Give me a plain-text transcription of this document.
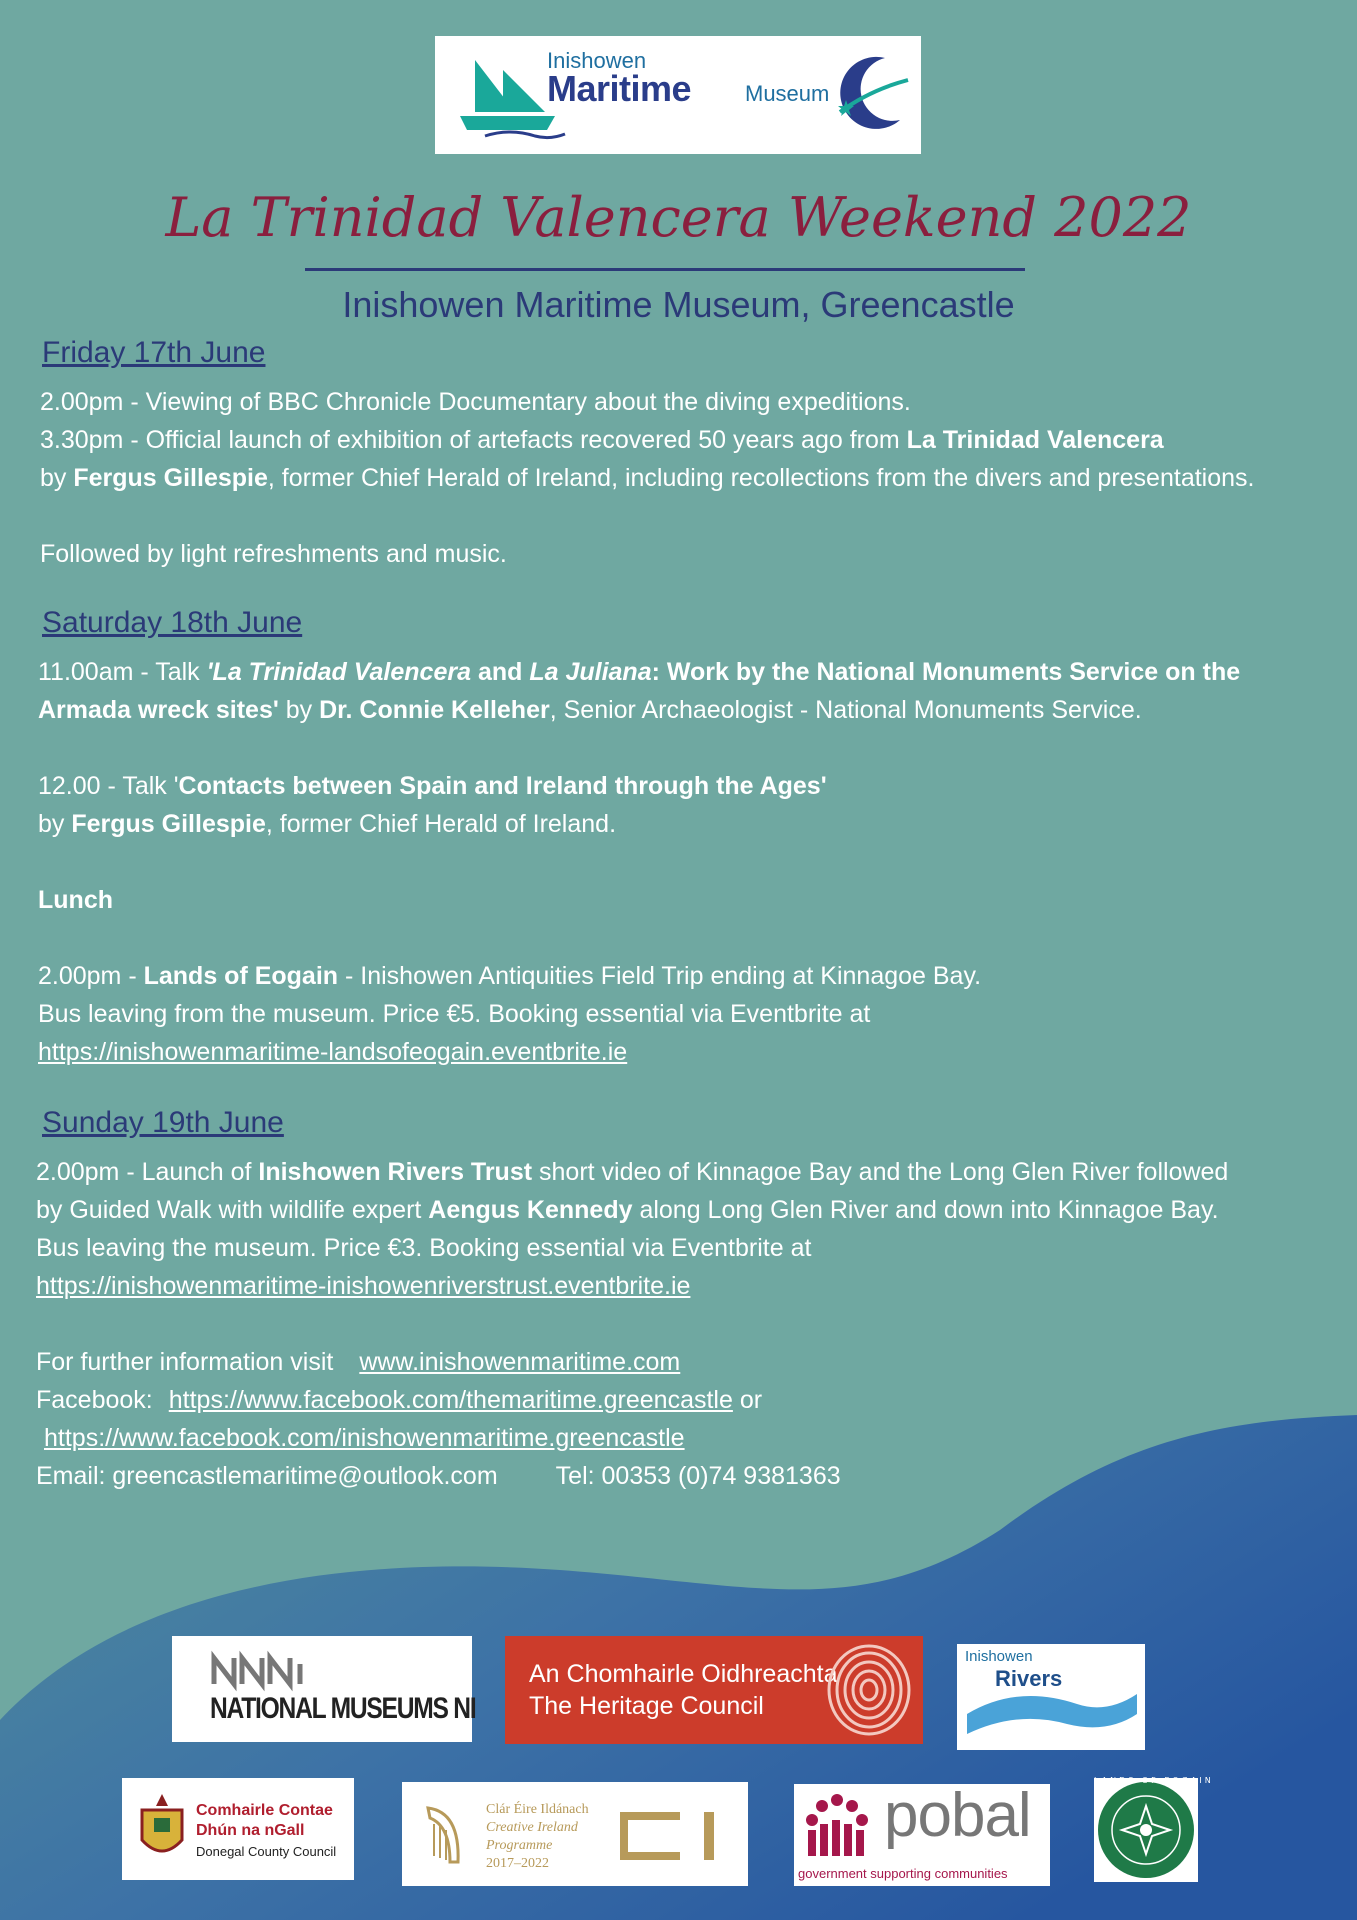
Inishowen
Maritime Museum
La Trinidad Valencera Weekend 2022
Inishowen Maritime Museum, Greencastle
Friday 17th June
2.00pm - Viewing of BBC Chronicle Documentary about the diving expeditions.
3.30pm - Official launch of exhibition of artefacts recovered 50 years ago from La Trinidad Valencera
by Fergus Gillespie, former Chief Herald of Ireland, including recollections from the divers and presentations.
Followed by light refreshments and music.
Saturday 18th June
11.00am - Talk 'La Trinidad Valencera and La Juliana: Work by the National Monuments Service on the
Armada wreck sites' by Dr. Connie Kelleher, Senior Archaeologist - National Monuments Service.
12.00 - Talk 'Contacts between Spain and Ireland through the Ages'
by Fergus Gillespie, former Chief Herald of Ireland.
Lunch
2.00pm - Lands of Eogain - Inishowen Antiquities Field Trip ending at Kinnagoe Bay.
Bus leaving from the museum. Price €5. Booking essential via Eventbrite at
https://inishowenmaritime-landsofeogain.eventbrite.ie
Sunday 19th June
2.00pm - Launch of Inishowen Rivers Trust short video of Kinnagoe Bay and the Long Glen River followed
by Guided Walk with wildlife expert Aengus Kennedy along Long Glen River and down into Kinnagoe Bay.
Bus leaving the museum. Price €3. Booking essential via Eventbrite at
https://inishowenmaritime-inishowenriverstrust.eventbrite.ie
For further information visit www.inishowenmaritime.com
Facebook: https://www.facebook.com/themaritime.greencastle or
https://www.facebook.com/inishowenmaritime.greencastle
Email: greencastlemaritime@outlook.com Tel: 00353 (0)74 9381363
NATIONAL MUSEUMS NI
An Chomhairle Oidhreachta
The Heritage Council
Inishowen
Rivers
Trust
Comhairle Contae
Dhún na nGall
Donegal County Council
Clár Éire Ildánach
Creative Ireland
Programme
2017–2022
pobal
government supporting communities
LANDS OF EOGAIN
